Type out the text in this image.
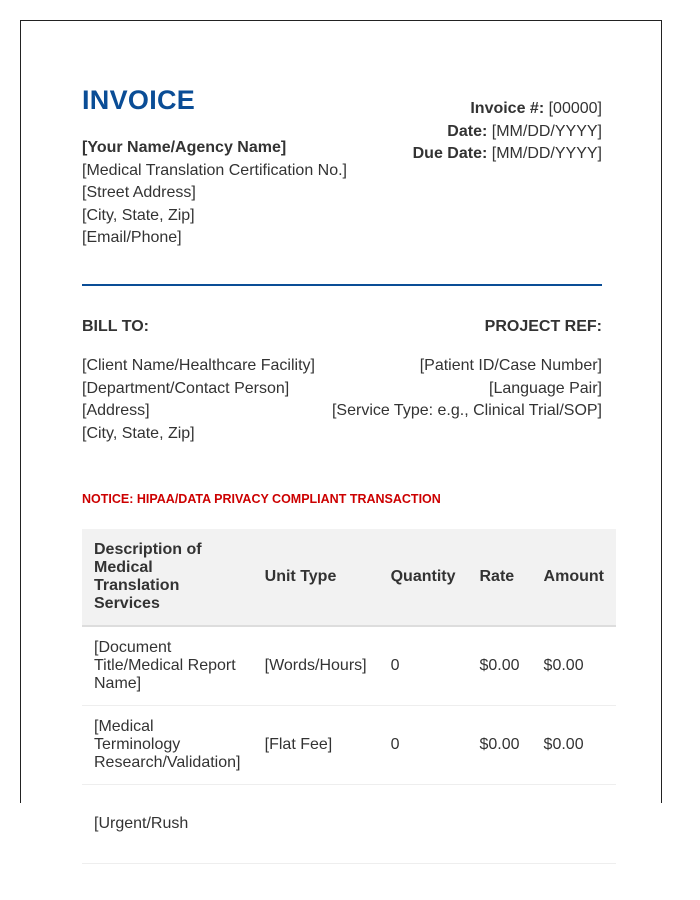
INVOICE
[Your Name/Agency Name]
[Medical Translation Certification No.]
[Street Address]
[City, State, Zip]
[Email/Phone]
Invoice #: [00000]
Date: [MM/DD/YYYY]
Due Date: [MM/DD/YYYY]
BILL TO:	PROJECT REF:
[Client Name/Healthcare Facility]
[Department/Contact Person]
[Address]
[City, State, Zip]
[Patient ID/Case Number]
[Language Pair]
[Service Type: e.g., Clinical Trial/SOP]
NOTICE: HIPAA/DATA PRIVACY COMPLIANT TRANSACTION
Description of Medical Translation Services	Unit Type	Quantity	Rate	Amount
[Document Title/Medical Report Name]	[Words/Hours]	0	$0.00	$0.00
[Medical Terminology Research/Validation]	[Flat Fee]	0	$0.00	$0.00
[Urgent/Rush				
